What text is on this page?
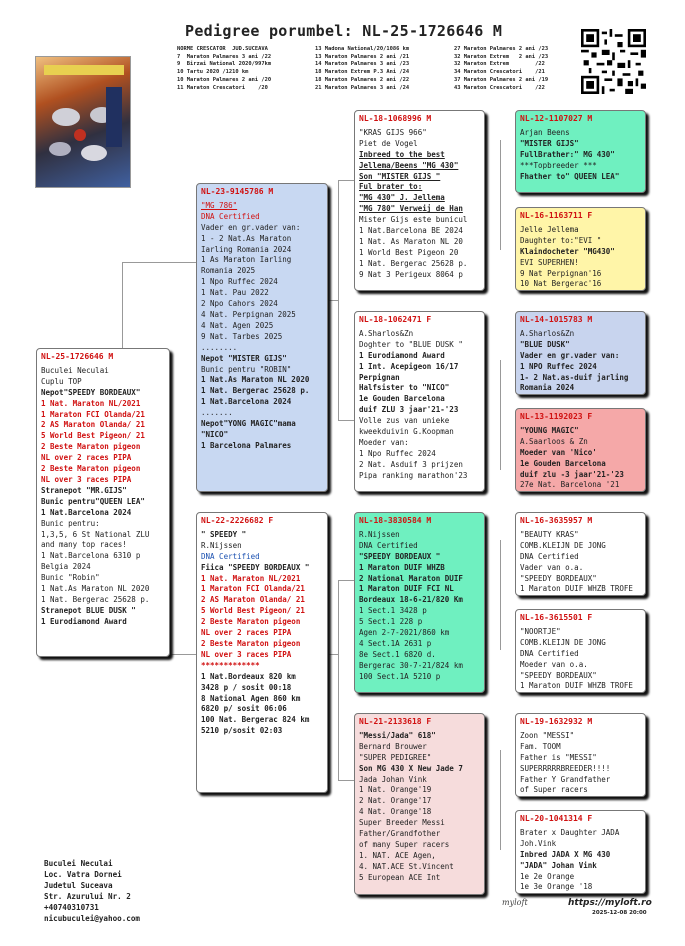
Pedigree porumbel: NL-25-1726646 M
NORME CRESCATOR  JUD.SUCEAVA
7  Maraton Palmares 3 ani /22
9  Birzai National 2020/997km
10 Tartu 2020 /1210 km
10 Maraton Palmares 2 ani /20
11 Maraton Crescatori    /20
13 Madona National/20/1086 km
13 Maraton Palmares 2 ani /21
14 Maraton Palmares 3 ani /23
18 Maraton Extrem P.3 Ani /24
18 Maraton Palmares 2 ani /22
21 Maraton Palmares 3 ani /24
27 Maraton Palmares 2 ani /23
32 Maraton Extrem   2 ani /23
32 Maraton Extrem        /22
34 Maraton Crescatori    /21
37 Maraton Palmares 2 ani /19
43 Maraton Crescatori    /22
NL-25-1726646 M
Buculei Neculai
Cuplu TOP
Nepot"SPEEDY BORDEAUX"
1 Nat. Maraton NL/2021
1 Maraton FCI Olanda/21
2 AS Maraton Olanda/ 21
5 World Best Pigeon/ 21
2 Beste Maraton pigeon
NL over 2 races PIPA
2 Beste Maraton pigeon
NL over 3 races PIPA
Stranepot "MR.GIJS"
Bunic pentru"QUEEN LEA"
1 Nat.Barcelona 2024
Bunic pentru:
1,3,5, 6 St National ZLU
and many top races!
1 Nat.Barcelona 6310 p
Belgia 2024
Bunic "Robin"
1 Nat.As Maraton NL 2020
1 Nat. Bergerac 25628 p.
Stranepot BLUE DUSK "
1 Eurodiamond Award
NL-23-9145786 M
"MG 786"
DNA Certified
Vader en gr.vader van:
1 - 2 Nat.As Maraton
Iarling Romania 2024
1 As Maraton Iarling
Romania 2025
1 Npo Ruffec 2024
1 Nat. Pau 2022
2 Npo Cahors 2024
4 Nat. Perpignan 2025
4 Nat. Agen 2025
9 Nat. Tarbes 2025
........
Nepot "MISTER GIJS"
Bunic pentru "ROBIN"
1 Nat.As Maraton NL 2020
1 Nat. Bergerac 25628 p.
1 Nat.Barcelona 2024
.......
Nepot"YONG MAGIC"mama
"NICO"
1 Barcelona Palmares
NL-22-2226682 F
" SPEEDY "
R.Nijssen
DNA Certified
Fiica "SPEEDY BORDEAUX "
1 Nat. Maraton NL/2021
1 Maraton FCI Olanda/21
2 AS Maraton Olanda/ 21
5 World Best Pigeon/ 21
2 Beste Maraton pigeon
NL over 2 races PIPA
2 Beste Maraton pigeon
NL over 3 races PIPA
*************
1 Nat.Bordeaux 820 km
3428 p / sosit 00:18
8 National Agen 860 km
6820 p/ sosit 06:06
100 Nat. Bergerac 824 km
5210 p/sosit 02:03
NL-18-1068996 M
"KRAS GIJS 966"
Piet de Vogel
Inbreed to the best
Jellema/Beens "MG 430"
Son "MISTER GIJS "
Ful brater to:
"MG 430" J. Jellema
"MG 780" Verweij de Han
Mister Gijs este bunicul
1 Nat.Barcelona BE 2024
1 Nat. As Maraton NL 20
1 World Best Pigeon 20
1 Nat. Bergerac 25628 p.
9 Nat 3 Perigeux 8064 p
NL-18-1062471 F
A.Sharlos&Zn
Doghter to "BLUE DUSK "
1 Eurodiamond Award
1 Int. Acepigeon 16/17
Perpignan
Halfsister to "NICO"
1e Gouden Barcelona
duif ZLU 3 jaar'21-'23
Volle zus van unieke
kweekduivin G.Koopman
Moeder van:
1 Npo Ruffec 2024
2 Nat. Asduif 3 prijzen
Pipa ranking marathon'23
NL-18-3830584 M
R.Nijssen
DNA Certified
"SPEEDY BORDEAUX "
1 Maraton DUIF WHZB
2 National Maraton DUIF
1 Maraton DUIF FCI NL
Bordeaux 18-6-21/820 Km
1 Sect.1 3428 p
5 Sect.1 228 p
Agen 2-7-2021/860 km
4 Sect.1A 2631 p
8e Sect.1 6820 d.
Bergerac 30-7-21/824 km
100 Sect.1A 5210 p
NL-21-2133618 F
"Messi/Jada" 618"
Bernard Brouwer
"SUPER PEDIGREE"
Son MG 430 X New Jade 7
Jada Johan Vink
1 Nat. Orange'19
2 Nat. Orange'17
4 Nat. Orange'18
Super Breeder Messi
Father/Grandfother
of many Super racers
1. NAT. ACE Agen,
4. NAT.ACE St.Vincent
5 European ACE Int
NL-12-1107027 M
Arjan Beens
"MISTER GIJS"
FullBrather:" MG 430"
***Topbreeder ***
Fhather to" QUEEN LEA"
NL-16-1163711 F
Jelle Jellema
Daughter to:"EVI "
Klaindocheter "MG430"
EVI SUPERHEN!
9 Nat Perpignan'16
10 Nat Bergerac'16
NL-14-1015783 M
A.Sharlos&Zn
"BLUE DUSK"
Vader en gr.vader van:
1 NPO Ruffec 2024
1- 2 Nat.as-duif jarling
Romania 2024
NL-13-1192023 F
"YOUNG MAGIC"
A.Saarloos & Zn
Moeder van 'Nico'
1e Gouden Barcelona
duif zlu -3 jaar'21-'23
27e Nat. Barcelona '21
NL-16-3635957 M
"BEAUTY KRAS"
COMB.KLEIJN DE JONG
DNA Certified
Vader van o.a.
"SPEEDY BORDEAUX"
1 Maraton DUIF WHZB TROFE
NL-16-3615501 F
"NOORTJE"
COMB.KLEIJN DE JONG
DNA Certified
Moeder van o.a.
"SPEEDY BORDEAUX"
1 Maraton DUIF WHZB TROFE
NL-19-1632932 M
Zoon "MESSI"
Fam. TOOM
Father is "MESSI"
SUPERRRRRBREEDER!!!!
Father Y Grandfather
of Super racers
NL-20-1041314 F
Brater x Daughter JADA
Joh.Vink
Inbred JADA X MG 430
"JADA" Johan Vink
1e 2e Orange
1e 3e Orange '18
Buculei Neculai
Loc. Vatra Dornei
Judetul Suceava
Str. Azurului Nr. 2
+40740310731
nicubuculei@yahoo.com
myloft	https://myloft.ro
2025-12-08 20:00
